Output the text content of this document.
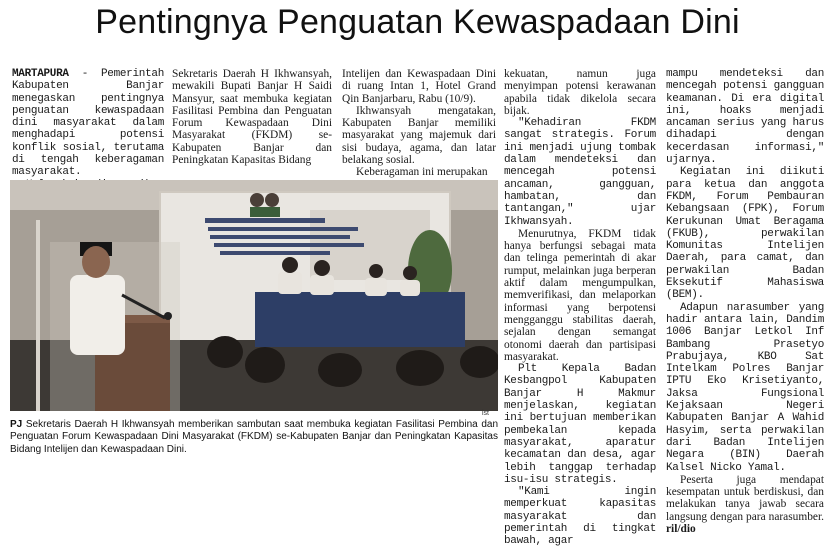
Pentingnya Penguatan Kewaspadaan Dini

MARTAPURA - Pemerintah Kabupaten Banjar menegaskan pentingnya penguatan kewaspadaan dini masyarakat dalam menghadapi potensi konflik sosial, terutama di tengah keberagaman masyarakat.

Sekretaris Daerah H Ikhwansyah, mewakili Bupati Banjar H Saidi Mansyur, saat membuka kegiatan Fasilitasi Pembina dan Penguatan Forum Kewaspadaan Dini Masyarakat (FKDM) se-Kabupaten Banjar dan Peningkatan Kapasitas Bidang

Intelijen dan Kewaspadaan Dini di ruang Intan 1, Hotel Grand Qin Banjarbaru, Rabu (10/9).

Ikhwansyah mengatakan, Kabupaten Banjar memiliki masyarakat yang majemuk dari sisi budaya, agama, dan latar belakang sosial.

Keberagaman ini merupakan

kekuatan, namun juga menyimpan potensi kerawanan apabila tidak dikelola secara bijak.

"Kehadiran FKDM sangat strategis. Forum ini menjadi ujung tombak dalam mendeteksi dan mencegah potensi ancaman, gangguan, hambatan, dan tantangan," ujar Ikhwansyah.

Menurutnya, FKDM tidak hanya berfungsi sebagai mata dan telinga pemerintah di akar rumput, melainkan juga berperan aktif dalam mengumpulkan, memverifikasi, dan melaporkan informasi yang berpotensi mengganggu stabilitas daerah, sejalan dengan semangat otonomi daerah dan partisipasi masyarakat.

Plt Kepala Badan Kesbangpol Kabupaten Banjar H Makmur menjelaskan, kegiatan ini bertujuan memberikan pembekalan kepada masyarakat, aparatur kecamatan dan desa, agar lebih tanggap terhadap isu-isu strategis.

"Kami ingin memperkuat kapasitas masyarakat dan pemerintah di tingkat bawah, agar

mampu mendeteksi dan mencegah potensi gangguan keamanan. Di era digital ini, hoaks menjadi ancaman serius yang harus dihadapi dengan kecerdasan informasi," ujarnya.

Kegiatan ini diikuti para ketua dan anggota FKDM, Forum Pembauran Kebangsaan (FPK), Forum Kerukunan Umat Beragama (FKUB), perwakilan Komunitas Intelijen Daerah, para camat, dan perwakilan Badan Eksekutif Mahasiswa (BEM).

Adapun narasumber yang hadir antara lain, Dandim 1006 Banjar Letkol Inf Bambang Prasetyo Prabujaya, KBO Sat Intelkam Polres Banjar IPTU Eko Krisetiyanto, Jaksa Fungsional Kejaksaan Negeri Kabupaten Banjar A Wahid Hasyim, serta perwakilan dari Badan Intelijen Negara (BIN) Daerah Kalsel Nicko Yamal.

Peserta juga mendapat kesempatan untuk berdiskusi, dan melakukan tanya jawab secara langsung dengan para narasumber. ril/dio

ist
PJ Sekretaris Daerah H Ikhwansyah memberikan sambutan saat membuka kegiatan Fasilitasi Pembina dan Penguatan Forum Kewaspadaan Dini Masyarakat (FKDM) se-Kabupaten Banjar dan Peningkatan Kapasitas Bidang Intelijen dan Kewaspadaan Dini.
